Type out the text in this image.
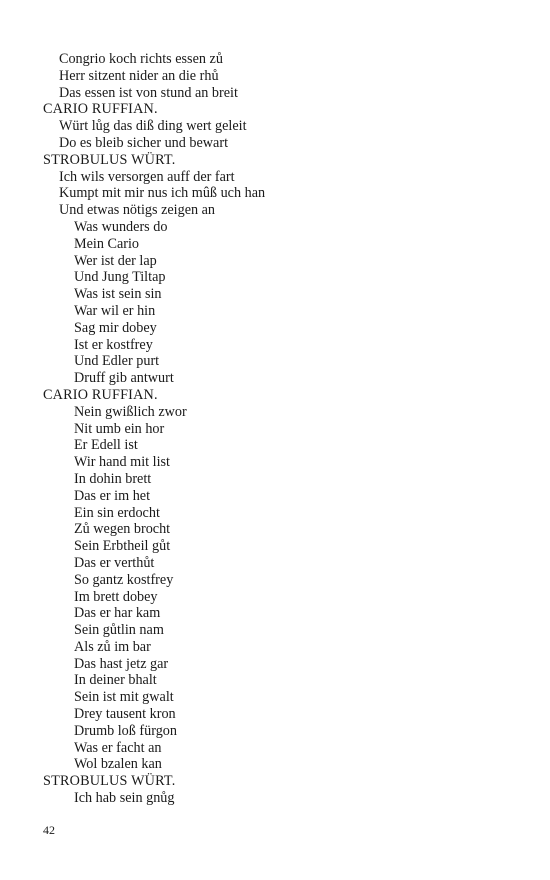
Congrio koch richts essen zů
Herr sitzent nider an die rhů
Das essen ist von stund an breit
CARIO RUFFIAN.
Würt lůg das diß ding wert geleit
Do es bleib sicher und bewart
STROBULUS WÜRT.
Ich wils versorgen auff der fart
Kumpt mit mir nus ich mûß uch han
Und etwas nötigs zeigen an
Was wunders do
Mein Cario
Wer ist der lap
Und Jung Tiltap
Was ist sein sin
War wil er hin
Sag mir dobey
Ist er kostfrey
Und Edler purt
Druff gib antwurt
CARIO RUFFIAN.
Nein gwißlich zwor
Nit umb ein hor
Er Edell ist
Wir hand mit list
In dohin brett
Das er im het
Ein sin erdocht
Zů wegen brocht
Sein Erbtheil gůt
Das er verthůt
So gantz kostfrey
Im brett dobey
Das er har kam
Sein gůtlin nam
Als zů im bar
Das hast jetz gar
In deiner bhalt
Sein ist mit gwalt
Drey tausent kron
Drumb loß fürgon
Was er facht an
Wol bzalen kan
STROBULUS WÜRT.
Ich hab sein gnůg
42
